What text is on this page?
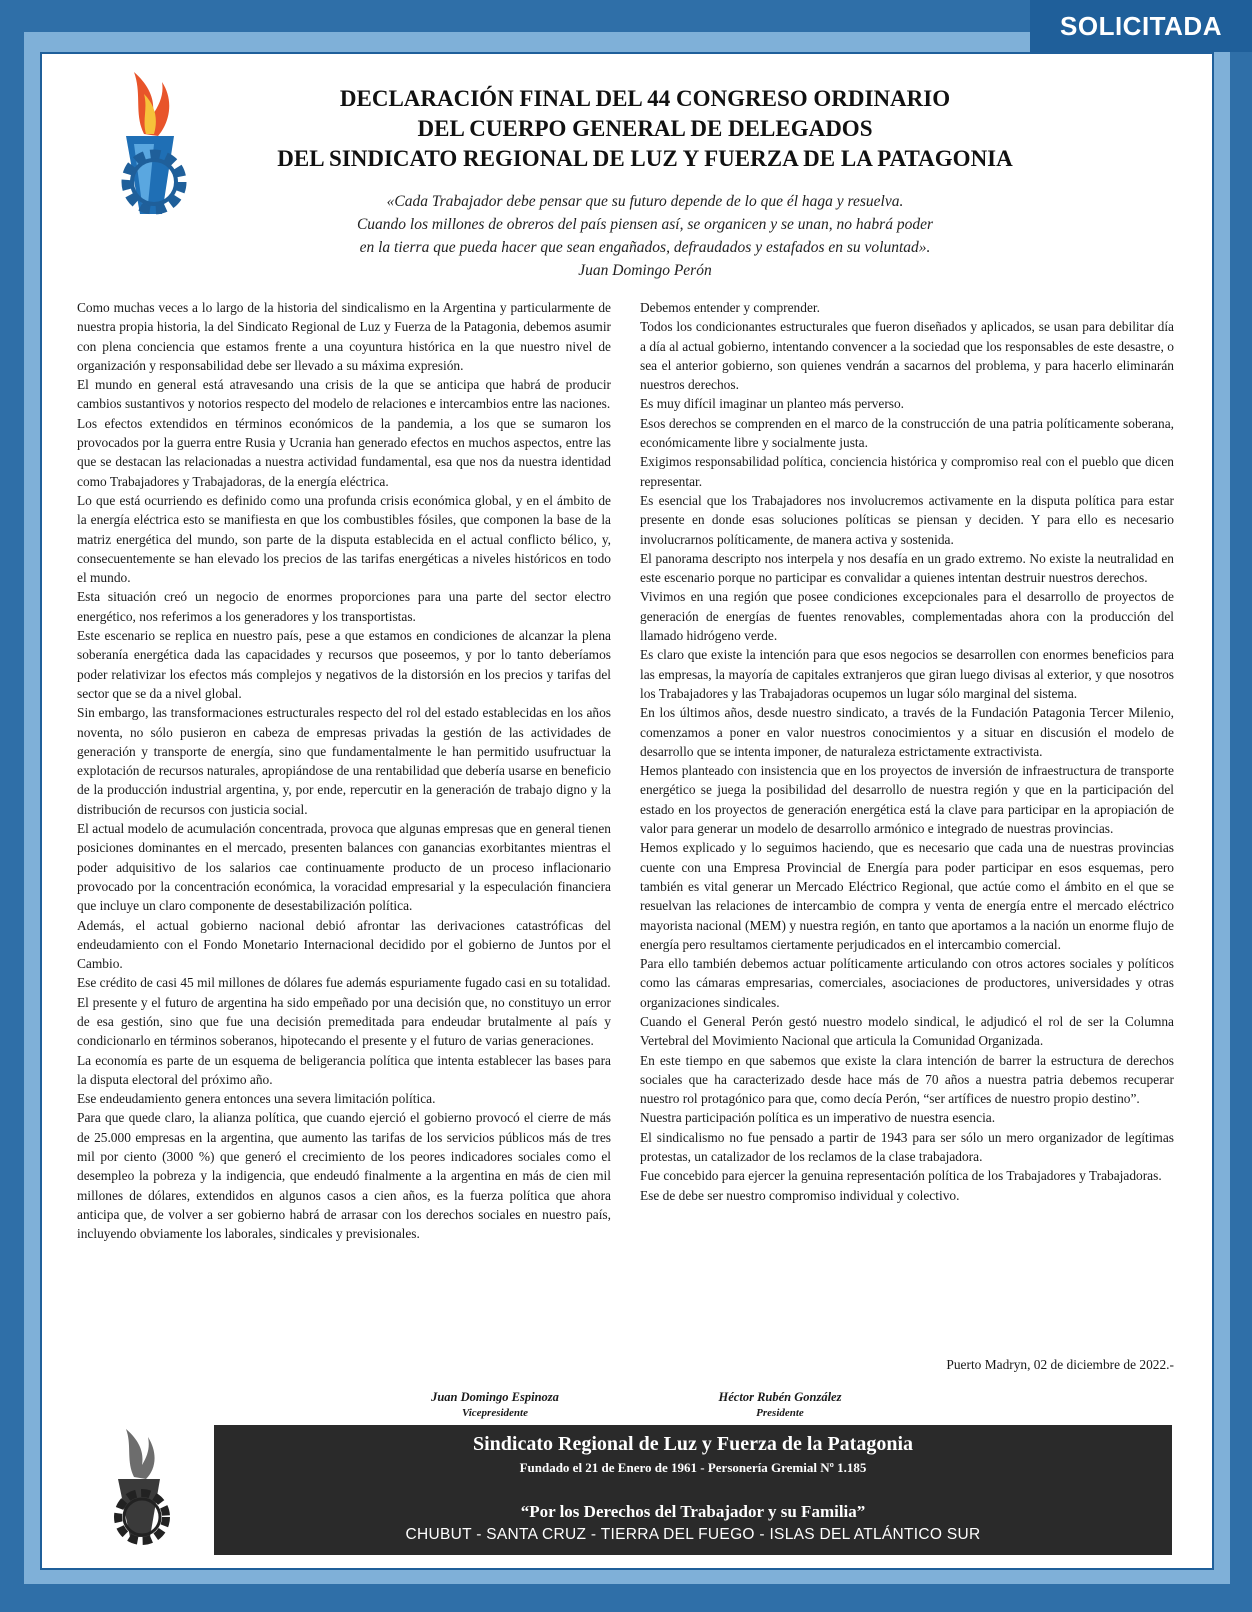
SOLICITADA
DECLARACIÓN FINAL DEL 44 CONGRESO ORDINARIO
DEL CUERPO GENERAL DE DELEGADOS
DEL SINDICATO REGIONAL DE LUZ Y FUERZA DE LA PATAGONIA
«Cada Trabajador debe pensar que su futuro depende de lo que él haga y resuelva.
Cuando los millones de obreros del país piensen así, se organicen y se unan, no habrá poder
en la tierra que pueda hacer que sean engañados, defraudados y estafados en su voluntad».
Juan Domingo Perón

Como muchas veces a lo largo de la historia del sindicalismo en la Argentina y particularmente de nuestra propia historia, la del Sindicato Regional de Luz y Fuerza de la Patagonia, debemos asumir con plena conciencia que estamos frente a una coyuntura histórica en la que nuestro nivel de organización y responsabilidad debe ser llevado a su máxima expresión.

El mundo en general está atravesando una crisis de la que se anticipa que habrá de producir cambios sustantivos y notorios respecto del modelo de relaciones e intercambios entre las naciones.

Los efectos extendidos en términos económicos de la pandemia, a los que se sumaron los provocados por la guerra entre Rusia y Ucrania han generado efectos en muchos aspectos, entre las que se destacan las relacionadas a nuestra actividad fundamental, esa que nos da nuestra identidad como Trabajadores y Trabajadoras, de la energía eléctrica.

Lo que está ocurriendo es definido como una profunda crisis económica global, y en el ámbito de la energía eléctrica esto se manifiesta en que los combustibles fósiles, que componen la base de la matriz energética del mundo, son parte de la disputa establecida en el actual conflicto bélico, y, consecuentemente se han elevado los precios de las tarifas energéticas a niveles históricos en todo el mundo.

Esta situación creó un negocio de enormes proporciones para una parte del sector electro energético, nos referimos a los generadores y los transportistas.

Este escenario se replica en nuestro país, pese a que estamos en condiciones de alcanzar la plena soberanía energética dada las capacidades y recursos que poseemos, y por lo tanto deberíamos poder relativizar los efectos más complejos y negativos de la distorsión en los precios y tarifas del sector que se da a nivel global.

Sin embargo, las transformaciones estructurales respecto del rol del estado establecidas en los años noventa, no sólo pusieron en cabeza de empresas privadas la gestión de las actividades de generación y transporte de energía, sino que fundamentalmente le han permitido usufructuar la explotación de recursos naturales, apropiándose de una rentabilidad que debería usarse en beneficio de la producción industrial argentina, y, por ende, repercutir en la generación de trabajo digno y la distribución de recursos con justicia social.

El actual modelo de acumulación concentrada, provoca que algunas empresas que en general tienen posiciones dominantes en el mercado, presenten balances con ganancias exorbitantes mientras el poder adquisitivo de los salarios cae continuamente producto de un proceso inflacionario provocado por la concentración económica, la voracidad empresarial y la especulación financiera que incluye un claro componente de desestabilización política.

Además, el actual gobierno nacional debió afrontar las derivaciones catastróficas del endeudamiento con el Fondo Monetario Internacional decidido por el gobierno de Juntos por el Cambio.

Ese crédito de casi 45 mil millones de dólares fue además espuriamente fugado casi en su totalidad.

El presente y el futuro de argentina ha sido empeñado por una decisión que, no constituyo un error de esa gestión, sino que fue una decisión premeditada para endeudar brutalmente al país y condicionarlo en términos soberanos, hipotecando el presente y el futuro de varias generaciones.

La economía es parte de un esquema de beligerancia política que intenta establecer las bases para la disputa electoral del próximo año.

Ese endeudamiento genera entonces una severa limitación política.

Para que quede claro, la alianza política, que cuando ejerció el gobierno provocó el cierre de más de 25.000 empresas en la argentina, que aumento las tarifas de los servicios públicos más de tres mil por ciento (3000 %) que generó el crecimiento de los peores indicadores sociales como el desempleo la pobreza y la indigencia, que endeudó finalmente a la argentina en más de cien mil millones de dólares, extendidos en algunos casos a cien años, es la fuerza política que ahora anticipa que, de volver a ser gobierno habrá de arrasar con los derechos sociales en nuestro país, incluyendo obviamente los laborales, sindicales y previsionales.

Debemos entender y comprender.

Todos los condicionantes estructurales que fueron diseñados y aplicados, se usan para debilitar día a día al actual gobierno, intentando convencer a la sociedad que los responsables de este desastre, o sea el anterior gobierno, son quienes vendrán a sacarnos del problema, y para hacerlo eliminarán nuestros derechos.

Es muy difícil imaginar un planteo más perverso.

Esos derechos se comprenden en el marco de la construcción de una patria políticamente soberana, económicamente libre y socialmente justa.

Exigimos responsabilidad política, conciencia histórica y compromiso real con el pueblo que dicen representar.

Es esencial que los Trabajadores nos involucremos activamente en la disputa política para estar presente en donde esas soluciones políticas se piensan y deciden. Y para ello es necesario involucrarnos políticamente, de manera activa y sostenida.

El panorama descripto nos interpela y nos desafía en un grado extremo. No existe la neutralidad en este escenario porque no participar es convalidar a quienes intentan destruir nuestros derechos.

Vivimos en una región que posee condiciones excepcionales para el desarrollo de proyectos de generación de energías de fuentes renovables, complementadas ahora con la producción del llamado hidrógeno verde.

Es claro que existe la intención para que esos negocios se desarrollen con enormes beneficios para las empresas, la mayoría de capitales extranjeros que giran luego divisas al exterior, y que nosotros los Trabajadores y las Trabajadoras ocupemos un lugar sólo marginal del sistema.

En los últimos años, desde nuestro sindicato, a través de la Fundación Patagonia Tercer Milenio, comenzamos a poner en valor nuestros conocimientos y a situar en discusión el modelo de desarrollo que se intenta imponer, de naturaleza estrictamente extractivista.

Hemos planteado con insistencia que en los proyectos de inversión de infraestructura de transporte energético se juega la posibilidad del desarrollo de nuestra región y que en la participación del estado en los proyectos de generación energética está la clave para participar en la apropiación de valor para generar un modelo de desarrollo armónico e integrado de nuestras provincias.

Hemos explicado y lo seguimos haciendo, que es necesario que cada una de nuestras provincias cuente con una Empresa Provincial de Energía para poder participar en esos esquemas, pero también es vital generar un Mercado Eléctrico Regional, que actúe como el ámbito en el que se resuelvan las relaciones de intercambio de compra y venta de energía entre el mercado eléctrico mayorista nacional (MEM) y nuestra región, en tanto que aportamos a la nación un enorme flujo de energía pero resultamos ciertamente perjudicados en el intercambio comercial.

Para ello también debemos actuar políticamente articulando con otros actores sociales y políticos como las cámaras empresarias, comerciales, asociaciones de productores, universidades y otras organizaciones sindicales.

Cuando el General Perón gestó nuestro modelo sindical, le adjudicó el rol de ser la Columna Vertebral del Movimiento Nacional que articula la Comunidad Organizada.

En este tiempo en que sabemos que existe la clara intención de barrer la estructura de derechos sociales que ha caracterizado desde hace más de 70 años a nuestra patria debemos recuperar nuestro rol protagónico para que, como decía Perón, “ser artífices de nuestro propio destino”.

Nuestra participación política es un imperativo de nuestra esencia.

El sindicalismo no fue pensado a partir de 1943 para ser sólo un mero organizador de legítimas protestas, un catalizador de los reclamos de la clase trabajadora.

Fue concebido para ejercer la genuina representación política de los Trabajadores y Trabajadoras.

Ese de debe ser nuestro compromiso individual y colectivo.

Puerto Madryn, 02 de diciembre de 2022.-
Juan Domingo Espinoza
Vicepresidente
Héctor Rubén González
Presidente
Sindicato Regional de Luz y Fuerza de la Patagonia
Fundado el 21 de Enero de 1961 - Personería Gremial Nº 1.185
“Por los Derechos del Trabajador y su Familia”
CHUBUT - SANTA CRUZ - TIERRA DEL FUEGO - ISLAS DEL ATLÁNTICO SUR
